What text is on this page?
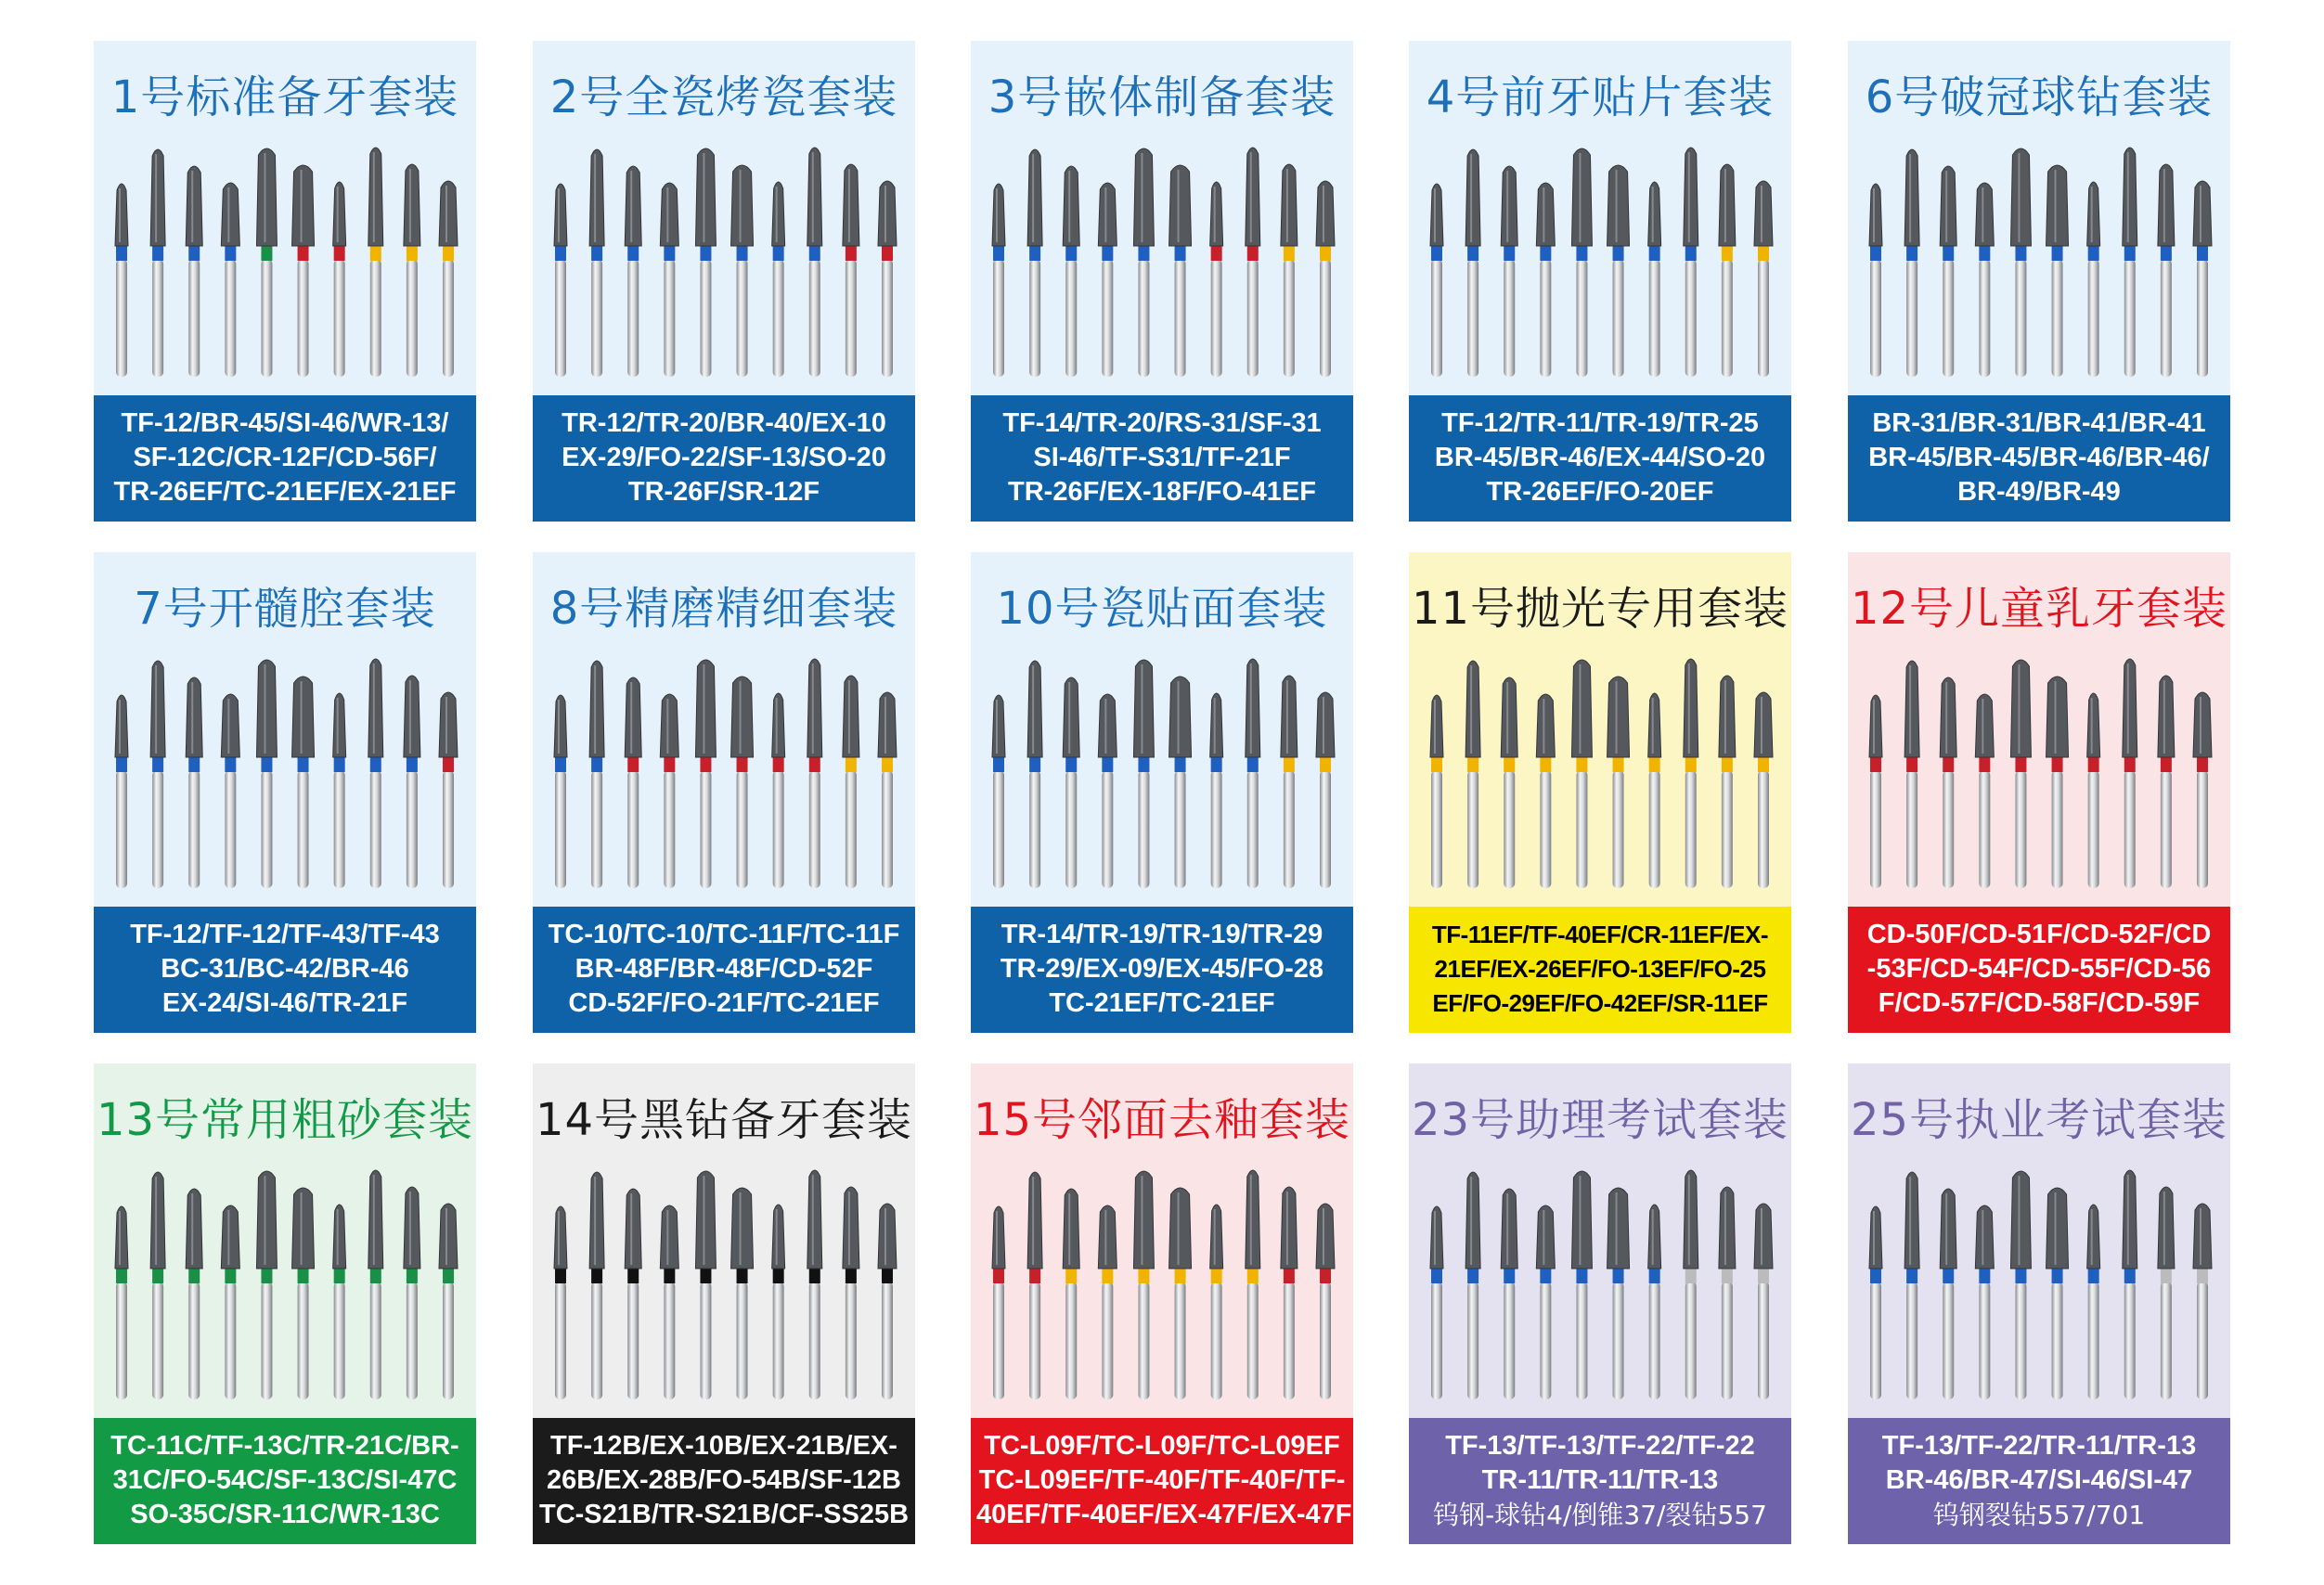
1号标准备牙套装
TF-12/BR-45/SI-46/WR-13/
SF-12C/CR-12F/CD-56F/
TR-26EF/TC-21EF/EX-21EF
2号全瓷烤瓷套装
TR-12/TR-20/BR-40/EX-10
EX-29/FO-22/SF-13/SO-20
TR-26F/SR-12F
3号嵌体制备套装
TF-14/TR-20/RS-31/SF-31
SI-46/TF-S31/TF-21F
TR-26F/EX-18F/FO-41EF
4号前牙贴片套装
TF-12/TR-11/TR-19/TR-25
BR-45/BR-46/EX-44/SO-20
TR-26EF/FO-20EF
6号破冠球钻套装
BR-31/BR-31/BR-41/BR-41
BR-45/BR-45/BR-46/BR-46/
BR-49/BR-49
7号开髓腔套装
TF-12/TF-12/TF-43/TF-43
BC-31/BC-42/BR-46
EX-24/SI-46/TR-21F
8号精磨精细套装
TC-10/TC-10/TC-11F/TC-11F
BR-48F/BR-48F/CD-52F
CD-52F/FO-21F/TC-21EF
10号瓷贴面套装
TR-14/TR-19/TR-19/TR-29
TR-29/EX-09/EX-45/FO-28
TC-21EF/TC-21EF
11号抛光专用套装
TF-11EF/TF-40EF/CR-11EF/EX-
21EF/EX-26EF/FO-13EF/FO-25
EF/FO-29EF/FO-42EF/SR-11EF
12号儿童乳牙套装
CD-50F/CD-51F/CD-52F/CD
-53F/CD-54F/CD-55F/CD-56
F/CD-57F/CD-58F/CD-59F
13号常用粗砂套装
TC-11C/TF-13C/TR-21C/BR-
31C/FO-54C/SF-13C/SI-47C
SO-35C/SR-11C/WR-13C
14号黑钻备牙套装
TF-12B/EX-10B/EX-21B/EX-
26B/EX-28B/FO-54B/SF-12B
TC-S21B/TR-S21B/CF-SS25B
15号邻面去釉套装
TC-L09F/TC-L09F/TC-L09EF
TC-L09EF/TF-40F/TF-40F/TF-
40EF/TF-40EF/EX-47F/EX-47F
23号助理考试套装
TF-13/TF-13/TF-22/TF-22
TR-11/TR-11/TR-13
钨钢-球钻4/倒锥37/裂钻557
25号执业考试套装
TF-13/TF-22/TR-11/TR-13
BR-46/BR-47/SI-46/SI-47
钨钢裂钻557/701
